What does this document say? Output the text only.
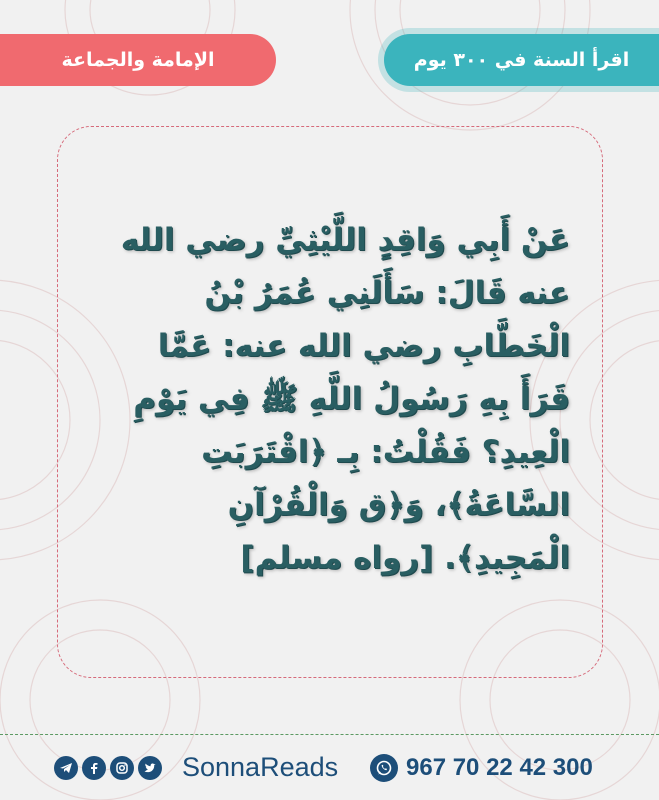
الإمامة والجماعة	اقرأ السنة في ٣٠٠ يوم
عَنْ أَبِي وَاقِدٍ اللَّيْثِيِّ رضي الله
عنه قَالَ: سَأَلَنِي عُمَرُ بْنُ
الْخَطَّابِ رضي الله عنه: عَمَّا
قَرَأَ بِهِ رَسُولُ اللَّهِ ﷺ فِي يَوْمِ
الْعِيدِ؟ فَقُلْتُ: بِـ ﴿اقْتَرَبَتِ
السَّاعَةُ﴾، وَ﴿ق وَالْقُرْآنِ
الْمَجِيدِ﴾. [رواه مسلم]
SonnaReads	967 70 22 42 300
